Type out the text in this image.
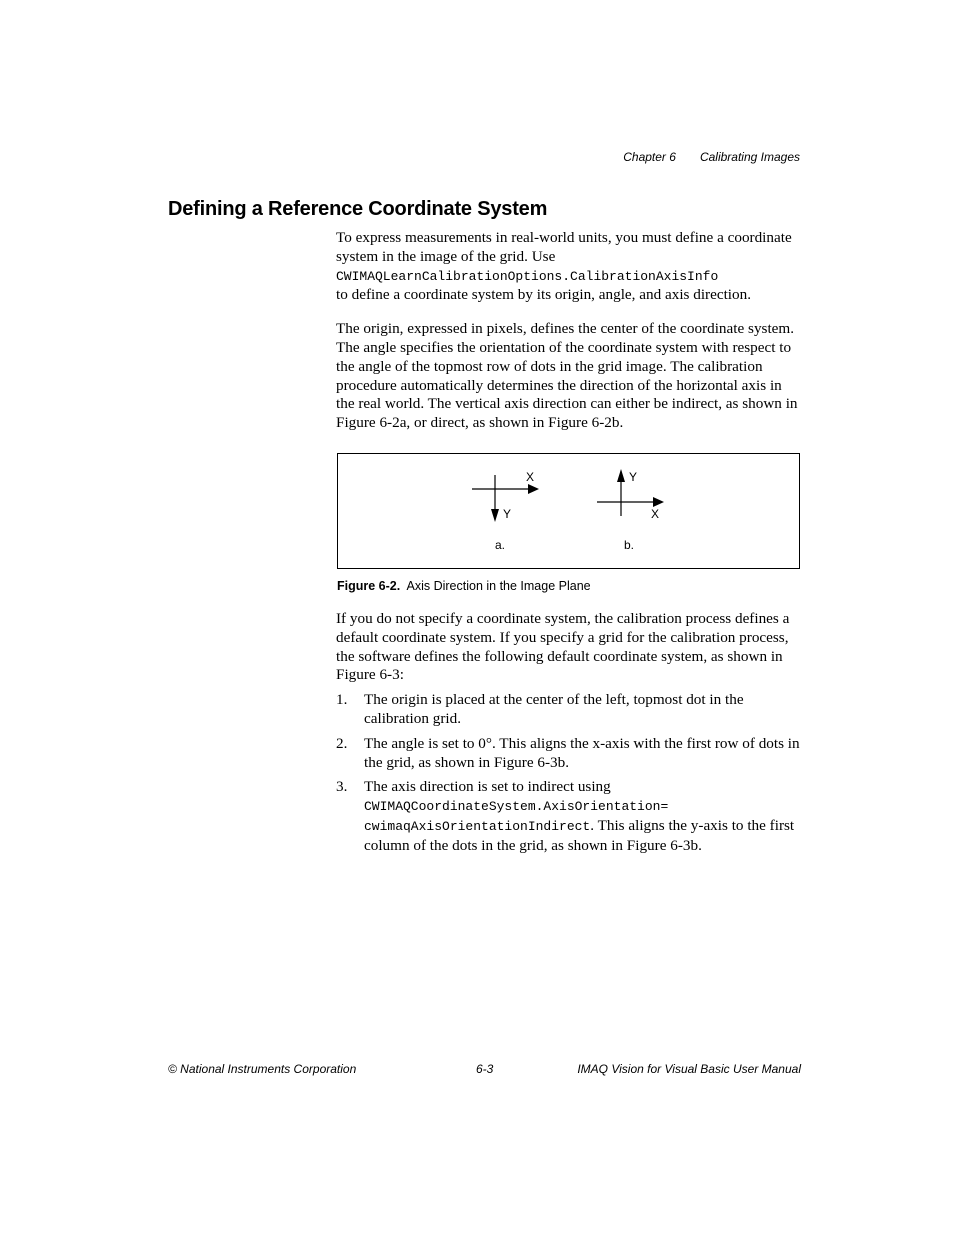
Chapter 6 Calibrating Images
Defining a Reference Coordinate System

To express measurements in real-world units, you must define a coordinate system in the image of the grid. Use
CWIMAQLearnCalibrationOptions.CalibrationAxisInfo
to define a coordinate system by its origin, angle, and axis direction.

The origin, expressed in pixels, defines the center of the coordinate system. The angle specifies the orientation of the coordinate system with respect to the angle of the topmost row of dots in the grid image. The calibration procedure automatically determines the direction of the horizontal axis in the real world. The vertical axis direction can either be indirect, as shown in Figure 6-2a, or direct, as shown in Figure 6-2b.

X
Y
a.
Y
X
b.
Figure 6-2. Axis Direction in the Image Plane

If you do not specify a coordinate system, the calibration process defines a default coordinate system. If you specify a grid for the calibration process, the software defines the following default coordinate system, as shown in Figure 6-3:

1.	The origin is placed at the center of the left, topmost dot in the calibration grid.
2.	The angle is set to 0°. This aligns the x-axis with the first row of dots in the grid, as shown in Figure 6-3b.
3.	The axis direction is set to indirect using
CWIMAQCoordinateSystem.AxisOrientation=
cwimaqAxisOrientationIndirect. This aligns the y-axis to the first column of the dots in the grid, as shown in Figure 6-3b.
© National Instruments Corporation	6-3	IMAQ Vision for Visual Basic User Manual
